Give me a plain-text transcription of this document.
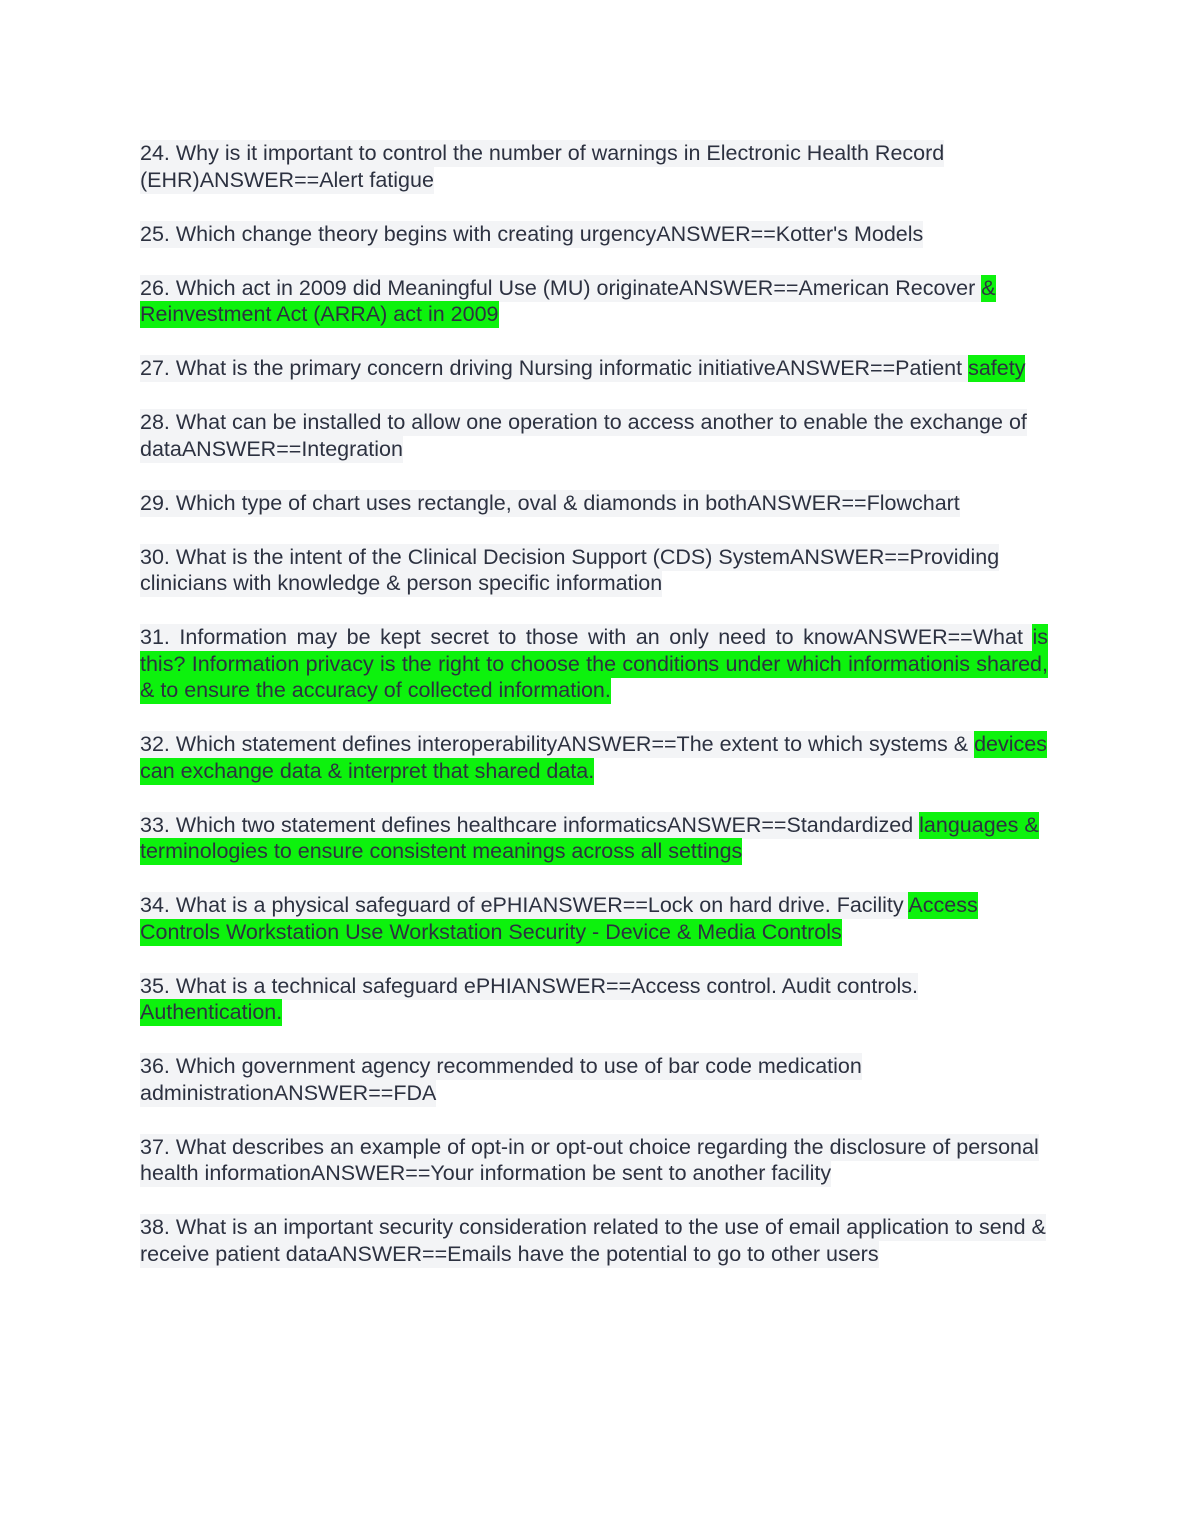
24. Why is it important to control the number of warnings in Electronic Health Record (EHR)ANSWER==Alert fatigue

25. Which change theory begins with creating urgencyANSWER==Kotter's Models

26. Which act in 2009 did Meaningful Use (MU) originateANSWER==American Recover & Reinvestment Act (ARRA) act in 2009

27. What is the primary concern driving Nursing informatic initiativeANSWER==Patient safety

28. What can be installed to allow one operation to access another to enable the exchange of dataANSWER==Integration

29. Which type of chart uses rectangle, oval & diamonds in bothANSWER==Flowchart

30. What is the intent of the Clinical Decision Support (CDS) SystemANSWER==Providing clinicians with knowledge & person specific information

31. Information may be kept secret to those with an only need to knowANSWER==What is this? Information privacy is the right to choose the conditions under which informationis shared, & to ensure the accuracy of collected information.

32. Which statement defines interoperabilityANSWER==The extent to which systems & devices can exchange data & interpret that shared data.

33. Which two statement defines healthcare informaticsANSWER==Standardized languages & terminologies to ensure consistent meanings across all settings

34. What is a physical safeguard of ePHIANSWER==Lock on hard drive. Facility Access Controls Workstation Use Workstation Security - Device & Media Controls

35. What is a technical safeguard ePHIANSWER==Access control. Audit controls. Authentication.

36. Which government agency recommended to use of bar code medication administrationANSWER==FDA

37. What describes an example of opt-in or opt-out choice regarding the disclosure of personal health informationANSWER==Your information be sent to another facility

38. What is an important security consideration related to the use of email application to send & receive patient dataANSWER==Emails have the potential to go to other users
